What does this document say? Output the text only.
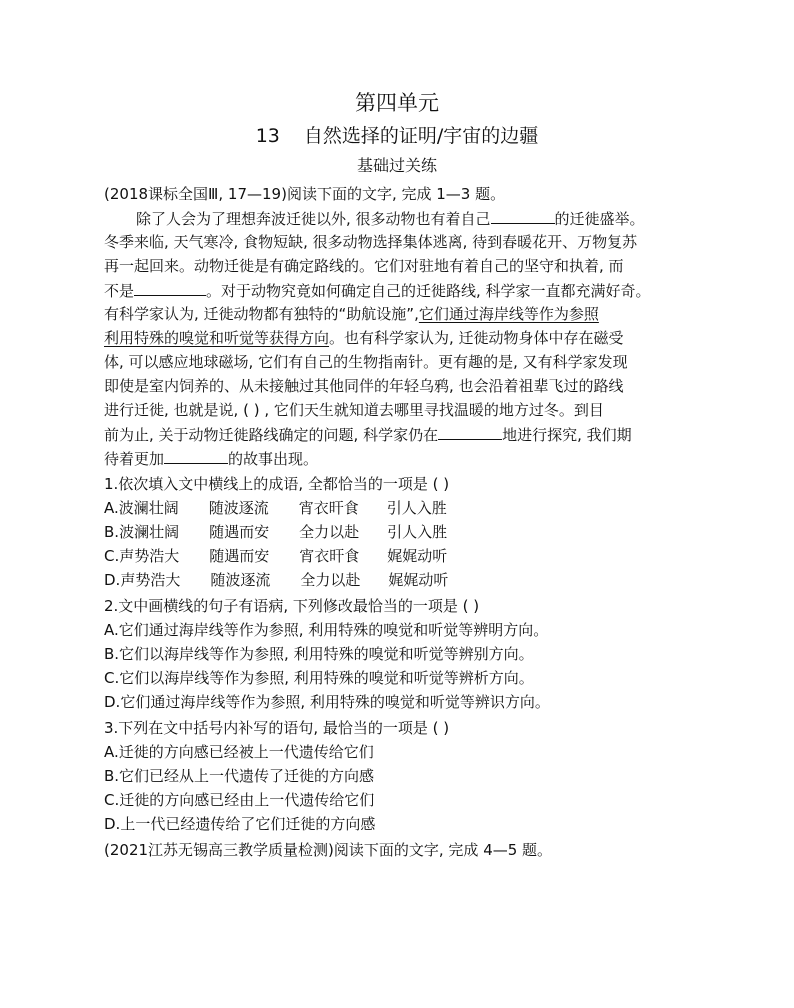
第四单元
13 自然选择的证明/宇宙的边疆
基础过关练
(2018课标全国Ⅲ, 17—19)阅读下面的文字, 完成 1—3 题。
除了人会为了理想奔波迁徙以外, 很多动物也有着自己	的迁徙盛举。
冬季来临, 天气寒冷, 食物短缺, 很多动物选择集体逃离, 待到春暖花开、万物复苏
再一起回来。动物迁徙是有确定路线的。它们对驻地有着自己的坚守和执着, 而
不是	。对于动物究竟如何确定自己的迁徙路线, 科学家一直都充满好奇。
有科学家认为, 迁徙动物都有独特的“助航设施”,它们通过海岸线等作为参照
利用特殊的嗅觉和听觉等获得方向。也有科学家认为, 迁徙动物身体中存在磁受
体, 可以感应地球磁场, 它们有自己的生物指南针。更有趣的是, 又有科学家发现
即使是室内饲养的、从未接触过其他同伴的年轻乌鸦, 也会沿着祖辈飞过的路线
进行迁徙, 也就是说, ( ) , 它们天生就知道去哪里寻找温暖的地方过冬。到目
前为止, 关于动物迁徙路线确定的问题, 科学家仍在	地进行探究, 我们期
待着更加	的故事出现。
1.依次填入文中横线上的成语, 全都恰当的一项是 ( )
A.波澜壮阔 随波逐流 宵衣旰食 引人入胜
B.波澜壮阔 随遇而安 全力以赴 引人入胜
C.声势浩大 随遇而安 宵衣旰食 娓娓动听
D.声势浩大 随波逐流 全力以赴 娓娓动听
2.文中画横线的句子有语病, 下列修改最恰当的一项是 ( )
A.它们通过海岸线等作为参照, 利用特殊的嗅觉和听觉等辨明方向。
B.它们以海岸线等作为参照, 利用特殊的嗅觉和听觉等辨别方向。
C.它们以海岸线等作为参照, 利用特殊的嗅觉和听觉等辨析方向。
D.它们通过海岸线等作为参照, 利用特殊的嗅觉和听觉等辨识方向。
3.下列在文中括号内补写的语句, 最恰当的一项是 ( )
A.迁徙的方向感已经被上一代遗传给它们
B.它们已经从上一代遗传了迁徙的方向感
C.迁徙的方向感已经由上一代遗传给它们
D.上一代已经遗传给了它们迁徙的方向感
(2021江苏无锡高三教学质量检测)阅读下面的文字, 完成 4—5 题。
